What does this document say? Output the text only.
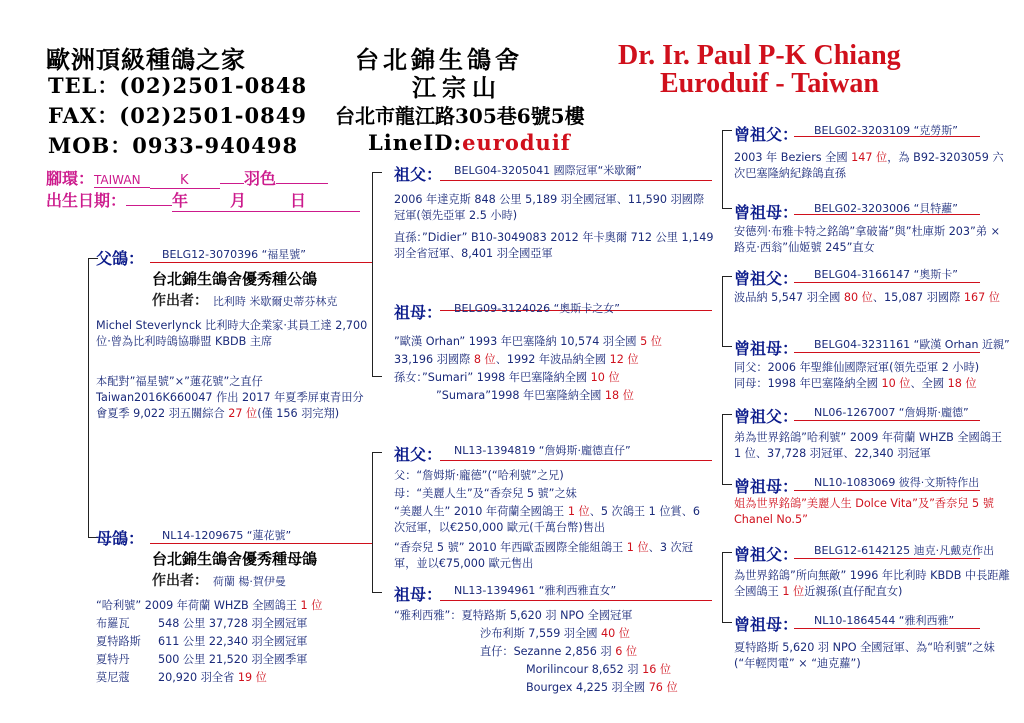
歐洲頂級種鴿之家	台北錦生鴿舍	Dr. Ir. Paul P-K Chiang
TEL：(02)2501-0848	江宗山	Euroduif - Taiwan
FAX：(02)2501-0849 台北市龍江路305巷6號5樓
MOB：0933-940498	LineID:euroduif
腳環：TAIWAN	K	羽色
出生日期：	年	月	日
父鴿： BELG12-3070396 “福星號”
台北錦生鴿舍優秀種公鴿
作出者： 比利時 米歇爾史蒂芬林克
Michel Steverlynck 比利時大企業家‧其員工達 2,700 位‧曾為比利時鴿協聯盟 KBDB 主席
本配對”福星號”×”蓮花號”之直仔 Taiwan2016K660047 作出 2017 年夏季屏東青田分會夏季 9,022 羽五關綜合 27 位(僅 156 羽完翔)
母鴿： NL14-1209675 “蓮花號”
台北錦生鴿舍優秀種母鴿
作出者： 荷蘭 楊‧賀伊曼
“哈利號” 2009 年荷蘭 WHZB 全國鴿王 1 位
布羅瓦	548 公里 37,728 羽全國冠軍
夏特路斯 611 公里 22,340 羽全國冠軍
夏特丹	500 公里 21,520 羽全國季軍
莫尼蔻	20,920 羽全省 19 位
祖父： BELG04-3205041 國際冠軍“米歇爾”
2006 年達克斯 848 公里 5,189 羽全國冠軍、11,590 羽國際冠軍(領先亞軍 2.5 小時)
直孫：”Didier” B10-3049083 2012 年卡奧爾 712 公里 1,149 羽全省冠軍、8,401 羽全國亞軍
祖母： BELG09-3124026 “奧斯卡之女”
”歐漢 Orhan” 1993 年巴塞隆納 10,574 羽全國 5 位
33,196 羽國際 8 位、1992 年波品納全國 12 位
孫女：”Sumari” 1998 年巴塞隆納全國 10 位
”Sumara”1998 年巴塞隆納全國 18 位
祖父： NL13-1394819 “詹姆斯‧龐德直仔”
父：“詹姆斯‧龐德”(“哈利號”之兄)
母：“美麗人生”及“香奈兒 5 號”之妹
“美麗人生” 2010 年荷蘭全國鴿王 1 位、5 次鴿王 1 位賞、6 次冠軍，以€250,000 歐元(千萬台幣)售出
“香奈兒 5 號” 2010 年西歐盃國際全能組鴿王 1 位、3 次冠軍，並以€75,000 歐元售出
祖母： NL13-1394961 “雅利西雅直女”
“雅利西雅”：夏特路斯 5,620 羽 NPO 全國冠軍
沙布利斯 7,559 羽全國 40 位
直仔：Sezanne 2,856 羽 6 位
Morilincour 8,652 羽 16 位
Bourgex 4,225 羽全國 76 位
曾祖父： BELG02-3203109 “克勞斯”
2003 年 Beziers 全國 147 位，為 B92-3203059 六次巴塞隆納紀錄鴿直孫
曾祖母： BELG02-3203006 “貝特蘿”
安德列‧布雅卡特之銘鴿”拿破崙”與”杜庫斯 203”弟 × 路克‧西翁”仙姬號 245”直女
曾祖父： BELG04-3166147 “奧斯卡”
波品納 5,547 羽全國 80 位、15,087 羽國際 167 位
曾祖母： BELG04-3231161 “歐漢 Orhan 近親”
同父：2006 年聖維仙國際冠軍(領先亞軍 2 小時)
同母：1998 年巴塞隆納全國 10 位、全國 18 位
曾祖父： NL06-1267007 “詹姆斯‧龐德”
弟為世界銘鴿”哈利號” 2009 年荷蘭 WHZB 全國鴿王 1 位、37,728 羽冠軍、22,340 羽冠軍
曾祖母： NL10-1083069 彼得‧文斯特作出
姐為世界銘鴿”美麗人生 Dolce Vita”及”香奈兒 5 號 Chanel No.5”
曾祖父： BELG12-6142125 迪克‧凡戴克作出
為世界銘鴿”所向無敵” 1996 年比利時 KBDB 中長距離全國鴿王 1 位近親孫(直仔配直女)
曾祖母： NL10-1864544 “雅利西雅”
夏特路斯 5,620 羽 NPO 全國冠軍、為“哈利號”之妹 (“年輕閃電” × “迪克蘿”)
